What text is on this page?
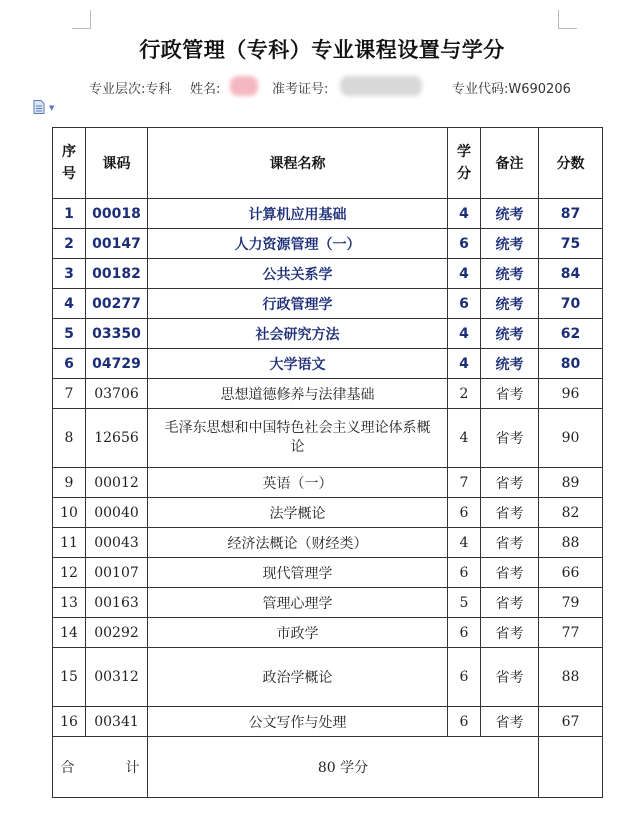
行政管理（专科）专业课程设置与学分
专业层次:专科 姓名:	准考证号:	专业代码:W690206
▼
序号	课码	课程名称	学分	备注	分数
1	00018	计算机应用基础	4	统考	87
2	00147	人力资源管理（一）	6	统考	75
3	00182	公共关系学	4	统考	84
4	00277	行政管理学	6	统考	70
5	03350	社会研究方法	4	统考	62
6	04729	大学语文	4	统考	80
7	03706	思想道德修养与法律基础	2	省考	96
8	12656	毛泽东思想和中国特色社会主义理论体系概论	4	省考	90
9	00012	英语（一）	7	省考	89
10	00040	法学概论	6	省考	82
11	00043	经济法概论（财经类）	4	省考	88
12	00107	现代管理学	6	省考	66
13	00163	管理心理学	5	省考	79
14	00292	市政学	6	省考	77
15	00312	政治学概论	6	省考	88
16	00341	公文写作与处理	6	省考	67
合 计		80 学分			
